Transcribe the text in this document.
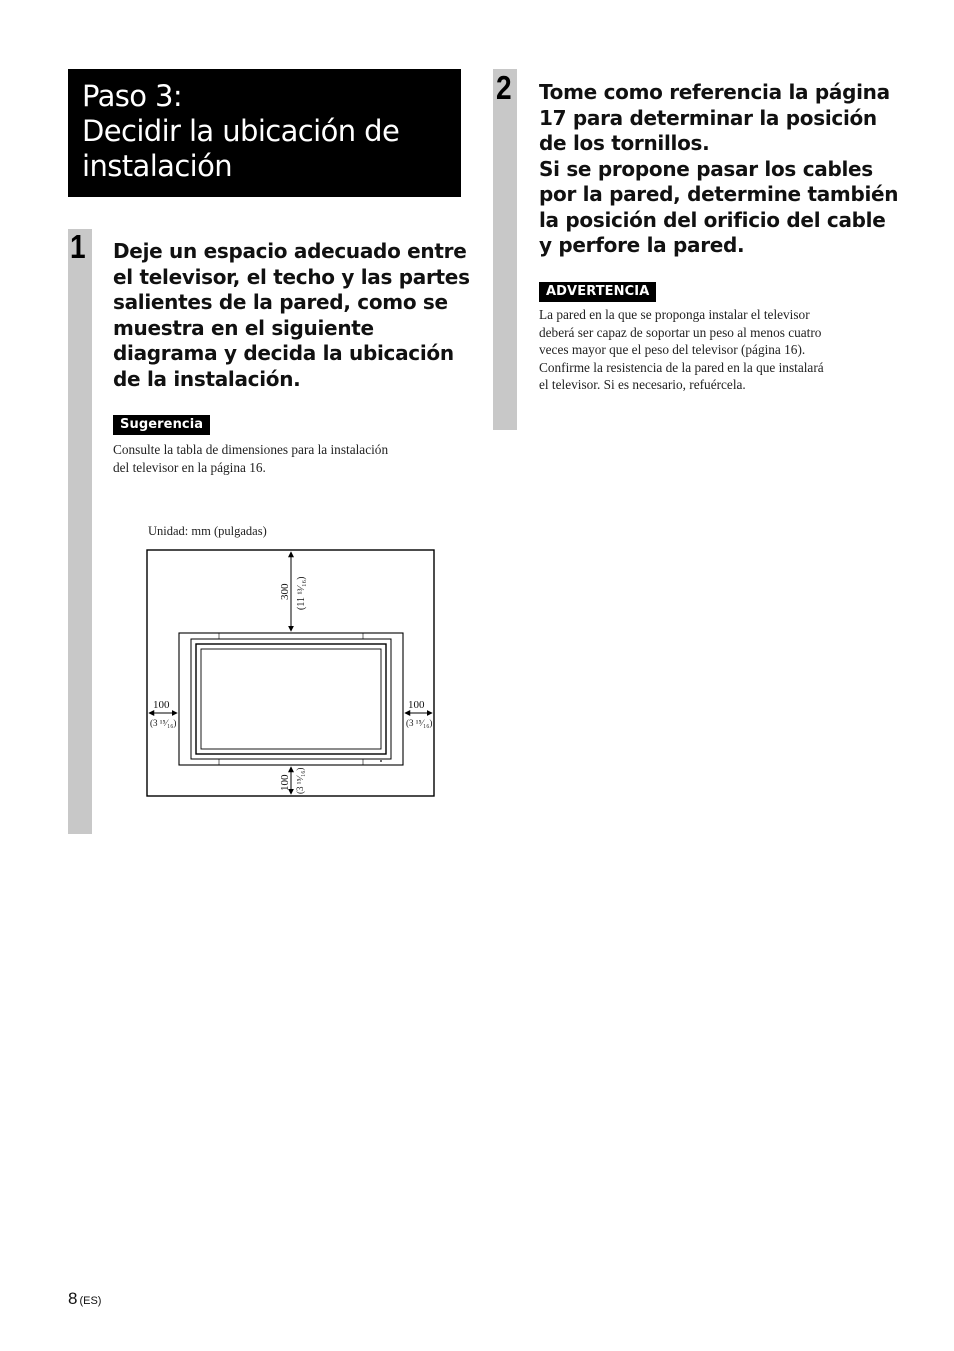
Paso 3:
Decidir la ubicación de
instalación
1 Deje un espacio adecuado entre
el televisor, el techo y las partes
salientes de la pared, como se
muestra en el siguiente
diagrama y decida la ubicación
de la instalación.
Sugerencia

Consulte la tabla de dimensiones para la instalación
del televisor en la página 16.

Unidad: mm (pulgadas)
300 (11 ¹³⁄₁₆)
100 (3 ¹⁵⁄₁₆)
100
(3 ¹⁵⁄₁₆)
100
(3 ¹⁵⁄₁₆)
2 Tome como referencia la página
17 para determinar la posición
de los tornillos.
Si se propone pasar los cables
por la pared, determine también
la posición del orificio del cable
y perfore la pared.
ADVERTENCIA

La pared en la que se proponga instalar el televisor
deberá ser capaz de soportar un peso al menos cuatro
veces mayor que el peso del televisor (página 16).
Confirme la resistencia de la pared en la que instalará
el televisor. Si es necesario, refuércela.

8 (ES)
